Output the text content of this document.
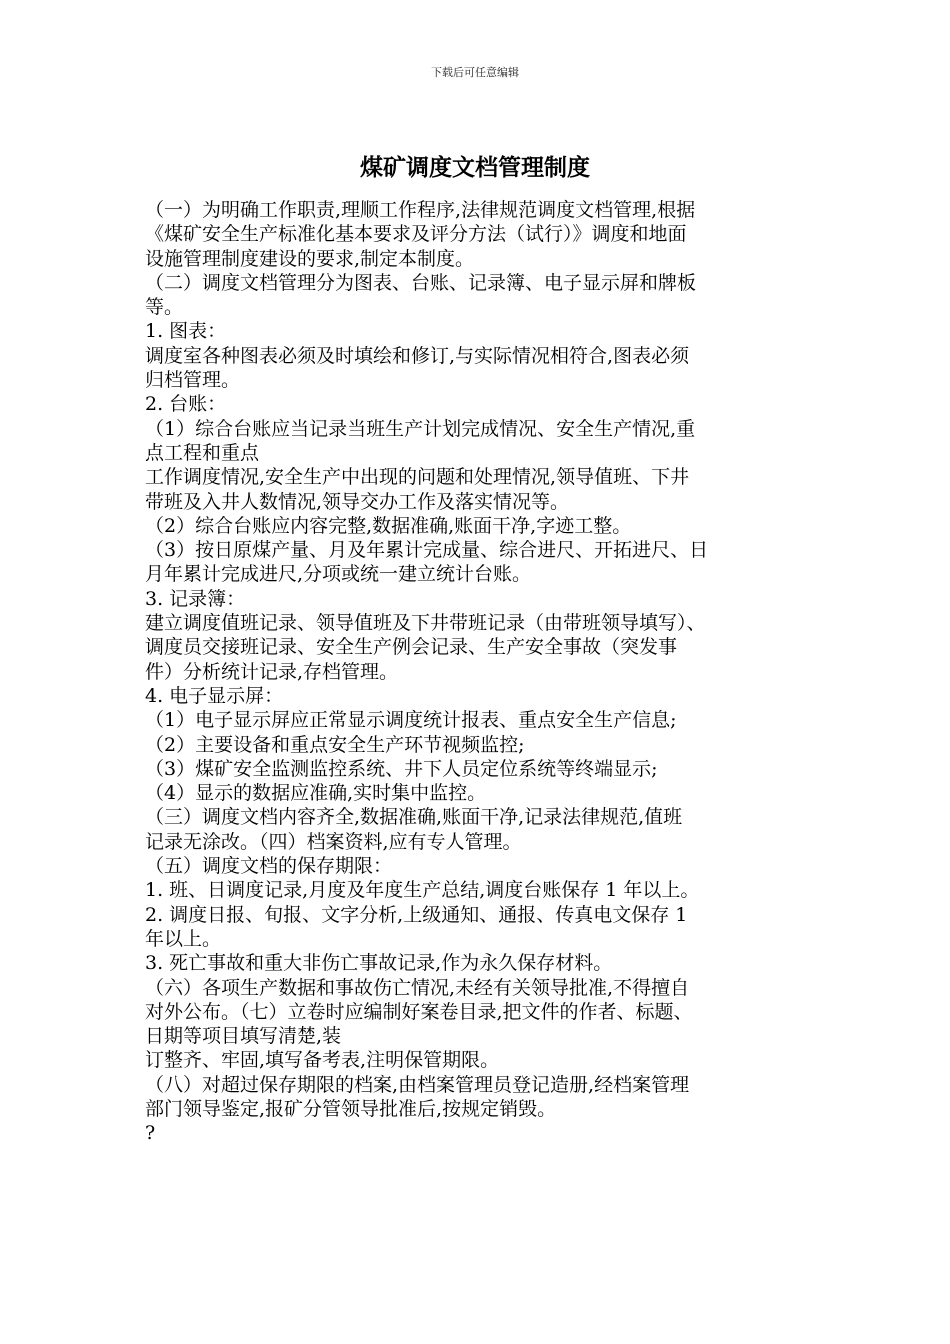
下载后可任意编辑
煤矿调度文档管理制度
（一）为明确工作职责,理顺工作程序,法律规范调度文档管理,根据
《煤矿安全生产标准化基本要求及评分方法（试行）》调度和地面
设施管理制度建设的要求,制定本制度。
（二）调度文档管理分为图表、台账、记录簿、电子显示屏和牌板
等。
1. 图表：
调度室各种图表必须及时填绘和修订,与实际情况相符合,图表必须
归档管理。
2. 台账：
（1）综合台账应当记录当班生产计划完成情况、安全生产情况,重
点工程和重点
工作调度情况,安全生产中出现的问题和处理情况,领导值班、下井
带班及入井人数情况,领导交办工作及落实情况等。
（2）综合台账应内容完整,数据准确,账面干净,字迹工整。
（3）按日原煤产量、月及年累计完成量、综合进尺、开拓进尺、日
月年累计完成进尺,分项或统一建立统计台账。
3. 记录簿：
建立调度值班记录、领导值班及下井带班记录（由带班领导填写）、
调度员交接班记录、安全生产例会记录、生产安全事故（突发事
件）分析统计记录,存档管理。
4. 电子显示屏：
（1）电子显示屏应正常显示调度统计报表、重点安全生产信息;
（2）主要设备和重点安全生产环节视频监控;
（3）煤矿安全监测监控系统、井下人员定位系统等终端显示;
（4）显示的数据应准确,实时集中监控。
（三）调度文档内容齐全,数据准确,账面干净,记录法律规范,值班
记录无涂改。（四）档案资料,应有专人管理。
（五）调度文档的保存期限：
1. 班、日调度记录,月度及年度生产总结,调度台账保存 1 年以上。
2. 调度日报、旬报、文字分析,上级通知、通报、传真电文保存 1
年以上。
3. 死亡事故和重大非伤亡事故记录,作为永久保存材料。
（六）各项生产数据和事故伤亡情况,未经有关领导批准,不得擅自
对外公布。（七）立卷时应编制好案卷目录,把文件的作者、标题、
日期等项目填写清楚,装
订整齐、牢固,填写备考表,注明保管期限。
（八）对超过保存期限的档案,由档案管理员登记造册,经档案管理
部门领导鉴定,报矿分管领导批准后,按规定销毁。
?
